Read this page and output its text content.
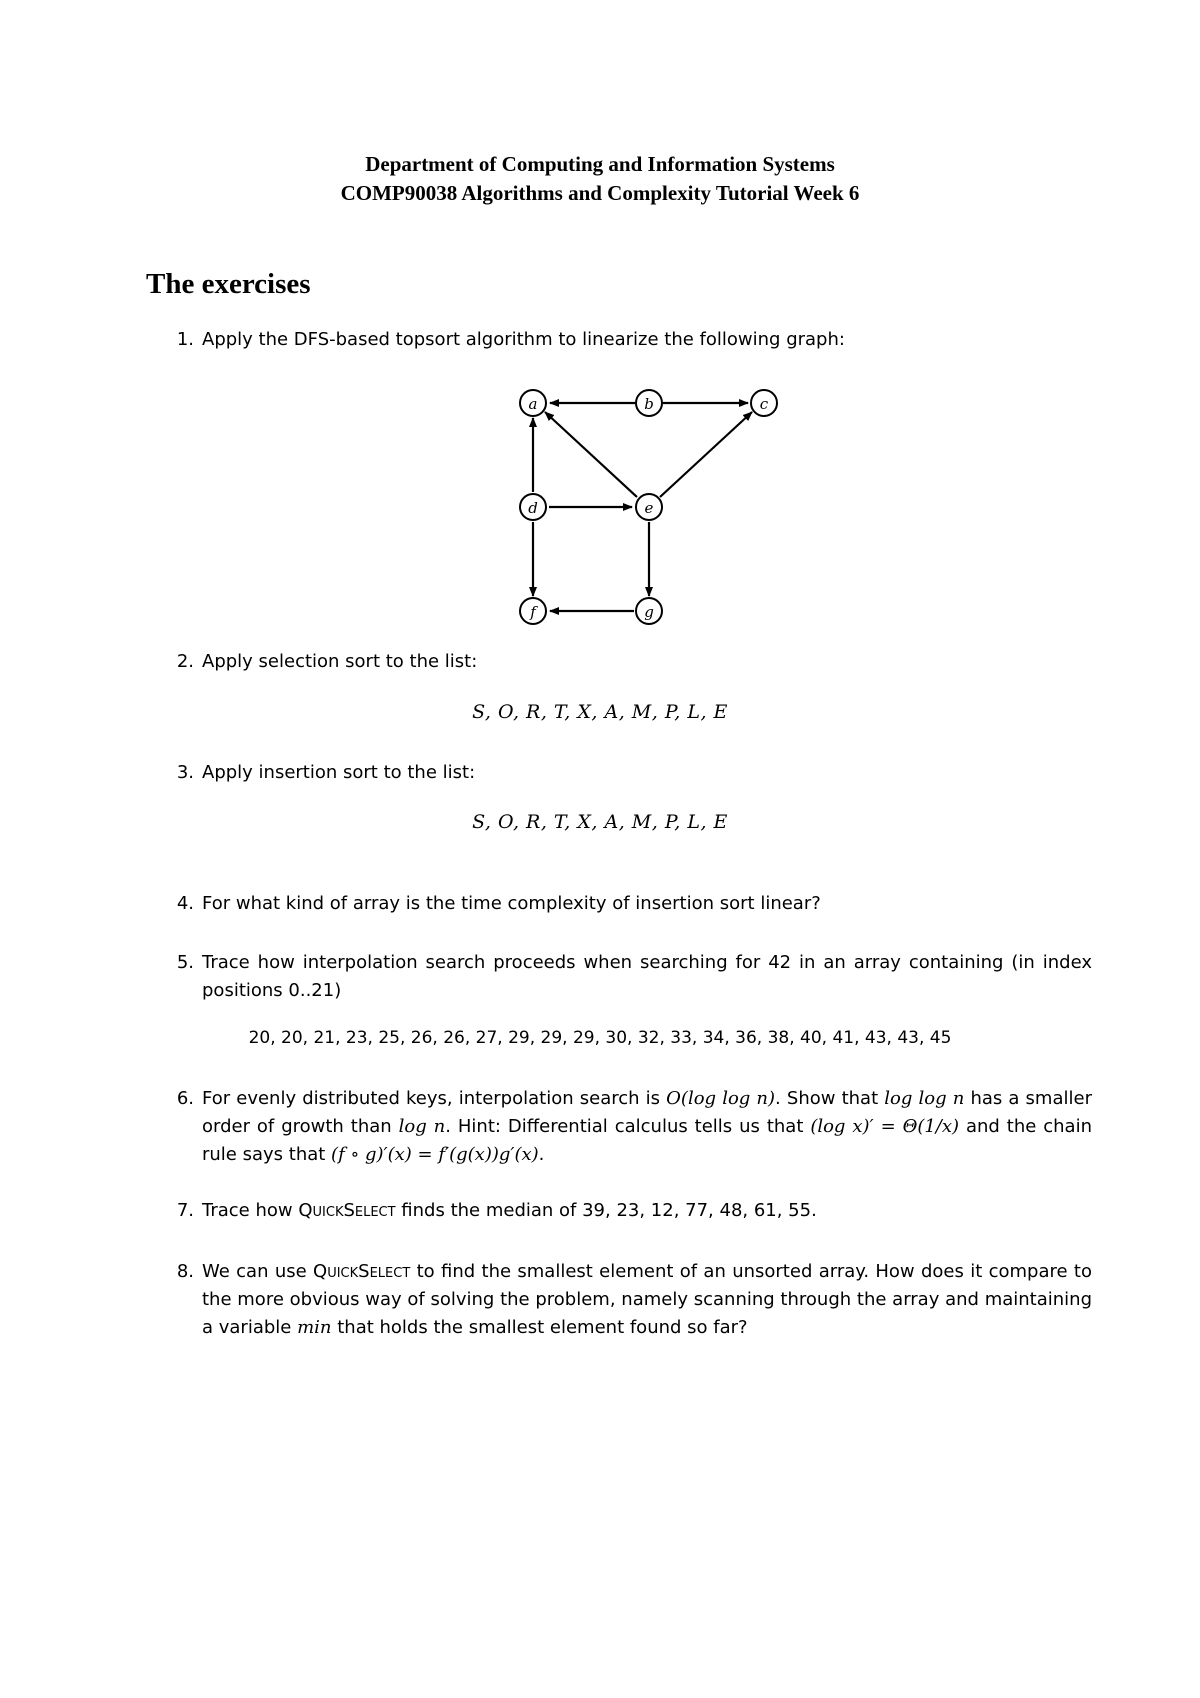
Department of Computing and Information Systems
COMP90038 Algorithms and Complexity Tutorial Week 6
The exercises
1. Apply the DFS-based topsort algorithm to linearize the following graph:
a	b	c
d	e
f	g
2. Apply selection sort to the list:
S, O, R, T, X, A, M, P, L, E
3. Apply insertion sort to the list:
S, O, R, T, X, A, M, P, L, E
4. For what kind of array is the time complexity of insertion sort linear?
5. Trace how interpolation search proceeds when searching for 42 in an array containing (in index positions 0..21)
20, 20, 21, 23, 25, 26, 26, 27, 29, 29, 29, 30, 32, 33, 34, 36, 38, 40, 41, 43, 43, 45
6. For evenly distributed keys, interpolation search is O(log log n). Show that log log n has a smaller order of growth than log n. Hint: Differential calculus tells us that (log x)′ = Θ(1/x) and the chain rule says that (f ∘ g)′(x) = f′(g(x))g′(x).
7. Trace how QuickSelect finds the median of 39, 23, 12, 77, 48, 61, 55.
8. We can use QuickSelect to find the smallest element of an unsorted array. How does it compare to the more obvious way of solving the problem, namely scanning through the array and maintaining a variable min that holds the smallest element found so far?
